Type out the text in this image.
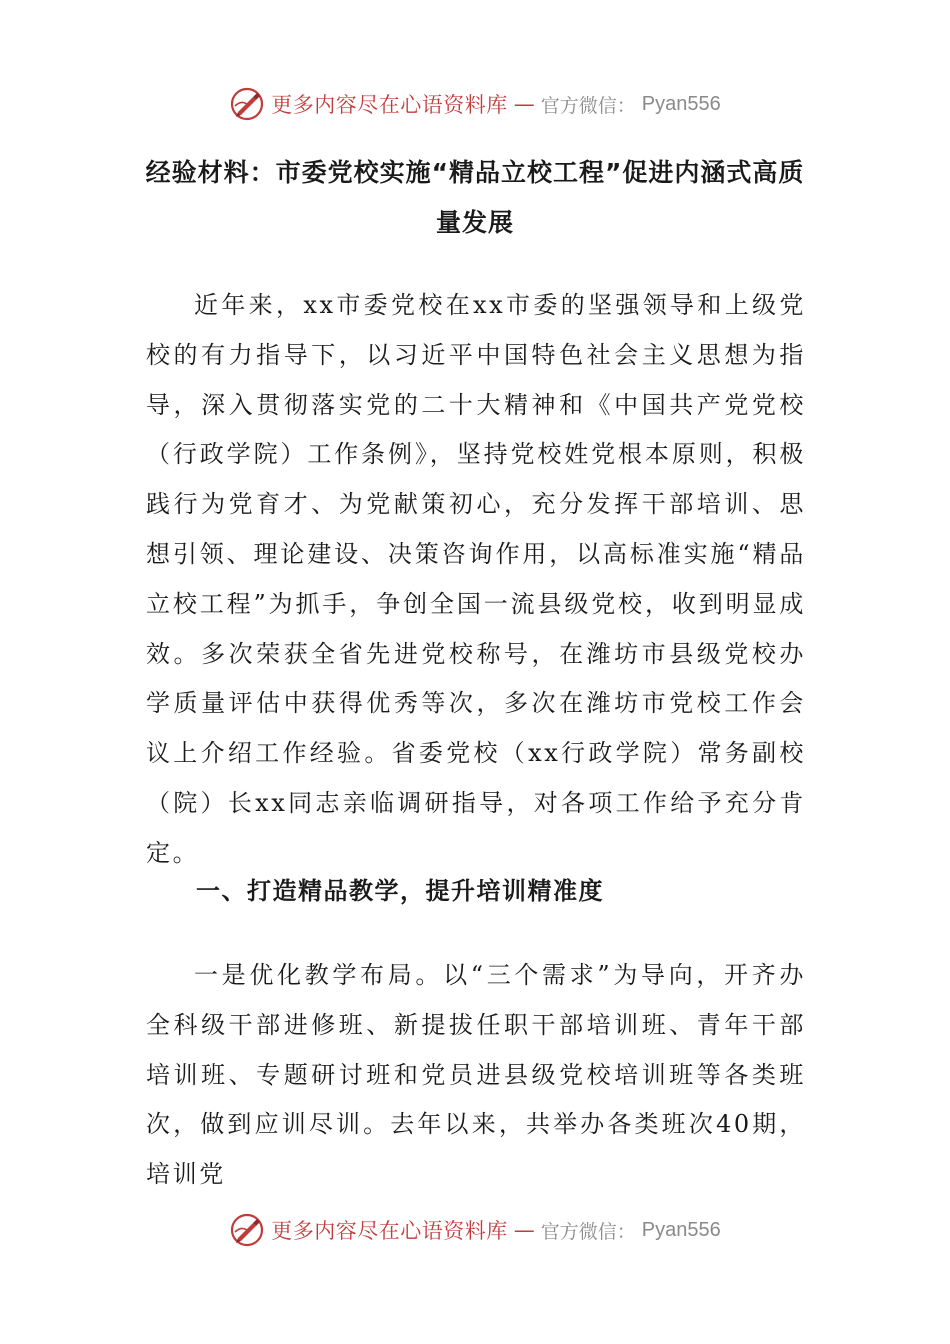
更多内容尽在心语资料库 — 官方微信： Pyan556
经验材料：市委党校实施“精品立校工程”促进内涵式高质量发展

近年来，xx市委党校在xx市委的坚强领导和上级党校的有力指导下，以习近平中国特色社会主义思想为指导，深入贯彻落实党的二十大精神和《中国共产党党校（行政学院）工作条例》，坚持党校姓党根本原则，积极践行为党育才、为党献策初心，充分发挥干部培训、思想引领、理论建设、决策咨询作用，以高标准实施“精品立校工程”为抓手，争创全国一流县级党校，收到明显成效。多次荣获全省先进党校称号，在潍坊市县级党校办学质量评估中获得优秀等次，多次在潍坊市党校工作会议上介绍工作经验。省委党校（xx行政学院）常务副校（院）长xx同志亲临调研指导，对各项工作给予充分肯定。

一、打造精品教学，提升培训精准度

一是优化教学布局。以“三个需求”为导向，开齐办全科级干部进修班、新提拔任职干部培训班、青年干部培训班、专题研讨班和党员进县级党校培训班等各类班次，做到应训尽训。去年以来，共举办各类班次40期，培训党

更多内容尽在心语资料库 — 官方微信： Pyan556
